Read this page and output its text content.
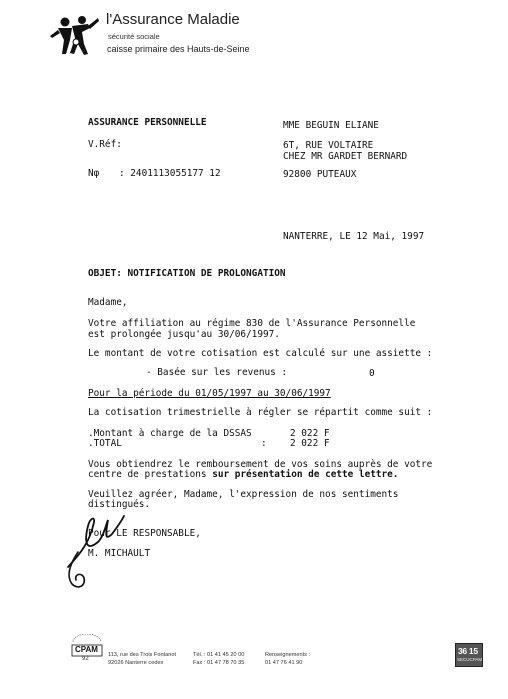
l'Assurance Maladie
sécurité sociale
caisse primaire des Hauts-de-Seine
ASSURANCE PERSONNELLE
V.Réf:
Nφ : 2401113055177 12
MME BEGUIN ELIANE
6T, RUE VOLTAIRE
CHEZ MR GARDET BERNARD
92800 PUTEAUX
NANTERRE, LE 12 Mai, 1997
OBJET: NOTIFICATION DE PROLONGATION
Madame,
Votre affiliation au régime 830 de l'Assurance Personnelle
est prolongée jusqu'au 30/06/1997.
Le montant de votre cotisation est calculé sur une assiette :
- Basée sur les revenus :	0
Pour la période du 01/05/1997 au 30/06/1997
La cotisation trimestrielle à régler se répartit comme suit :
.Montant à charge de la DSSAS	2 022 F
.TOTAL	: 2 022 F
Vous obtiendrez le remboursement de vos soins auprès de votre
centre de prestations sur présentation de cette lettre.
Veuillez agréer, Madame, l'expression de nos sentiments
distingués.
Pour LE RESPONSABLE,
M. MICHAULT
CPAM
92
113, rue des Trois Fontanot
92026 Nanterre cedex
Tél. : 01 41 45 20 00
Fax : 01 47 78 70 35
Renseignements :
01 47 76 41 90
36 15
SECUCPAM
